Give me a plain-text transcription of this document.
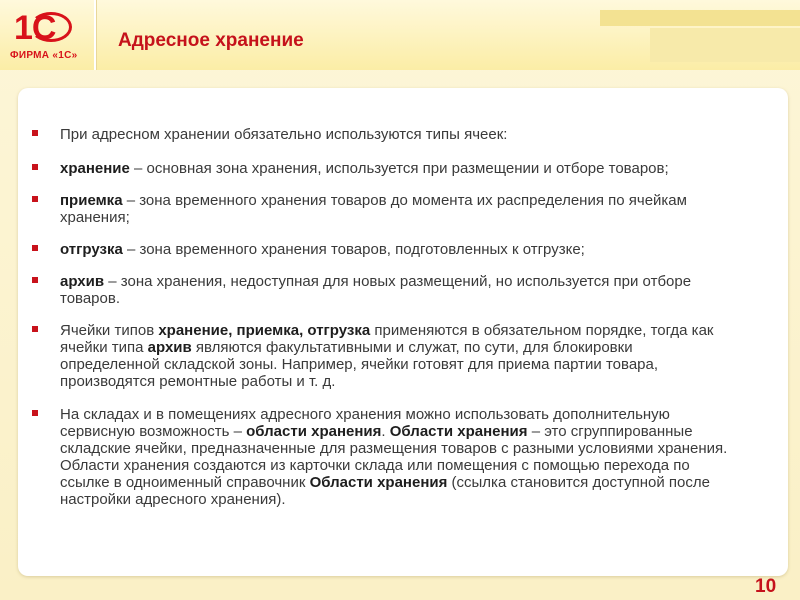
1С
ФИРМА «1С»
Адресное хранение
При адресном хранении обязательно используются типы ячеек:
хранение – основная зона хранения, используется при размещении и отборе товаров;
приемка – зона временного хранения товаров до момента их распределения по ячейкам хранения;
отгрузка – зона временного хранения товаров, подготовленных к отгрузке;
архив – зона хранения, недоступная для новых размещений, но используется при отборе товаров.
Ячейки типов хранение, приемка, отгрузка применяются в обязательном порядке, тогда как ячейки типа архив являются факультативными и служат, по сути, для блокировки определенной складской зоны. Например, ячейки готовят для приема партии товара, производятся ремонтные работы и т. д.
На складах и в помещениях адресного хранения можно использовать дополнительную сервисную возможность – области хранения. Области хранения – это сгруппированные складские ячейки, предназначенные для размещения товаров с разными условиями хранения. Области хранения создаются из карточки склада или помещения с помощью перехода по ссылке в одноименный справочник Области хранения (ссылка становится доступной после настройки адресного хранения).
10
